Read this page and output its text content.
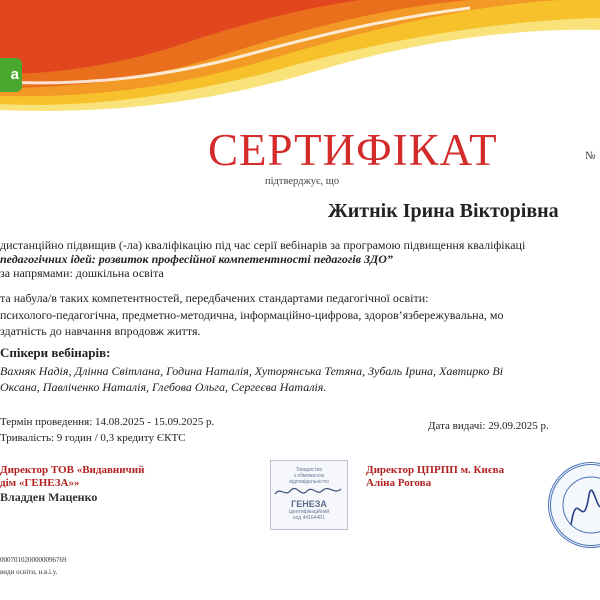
a
СЕРТИФІКАТ	№
підтверджує, що
Житнік Ірина Вікторівна
дистанційно підвищив (-ла) кваліфікацію під час серії вебінарів за програмою підвищення кваліфікаці
педагогічних ідей: розвиток професійної компетентності педагогів ЗДО”
за напрямами: дошкільна освіта
та набула/в таких компетентностей, передбачених стандартами педагогічної освіти:
психолого-педагогічна, предметно-методична, інформаційно-цифрова, здоров’язбережувальна, мо
здатність до навчання впродовж життя.
Спікери вебінарів:
Вахняк Надія, Длінна Світлана, Година Наталія, Хуторянська Тетяна, Зубаль Ірина, Хавтирко Ві
Оксана, Павліченко Наталія, Глебова Ольга, Сергеєва Наталія.
Термін проведення: 14.08.2025 - 15.09.2025 р.
Тривалість: 9 годин / 0,3 кредиту ЄКТС
Дата видачі: 29.09.2025 р.
Директор ТОВ «Видавничий
дім «ГЕНЕЗА»»
Владден Маценко
Товариство
з обмеженою
відповідальністю
ГЕНЕЗА
Ідентифікаційний
код 44164481
Директор ЦПРПП м. Києва
Аліна Рогова
0007010200000096769
види освіти, н.в.і.у.
